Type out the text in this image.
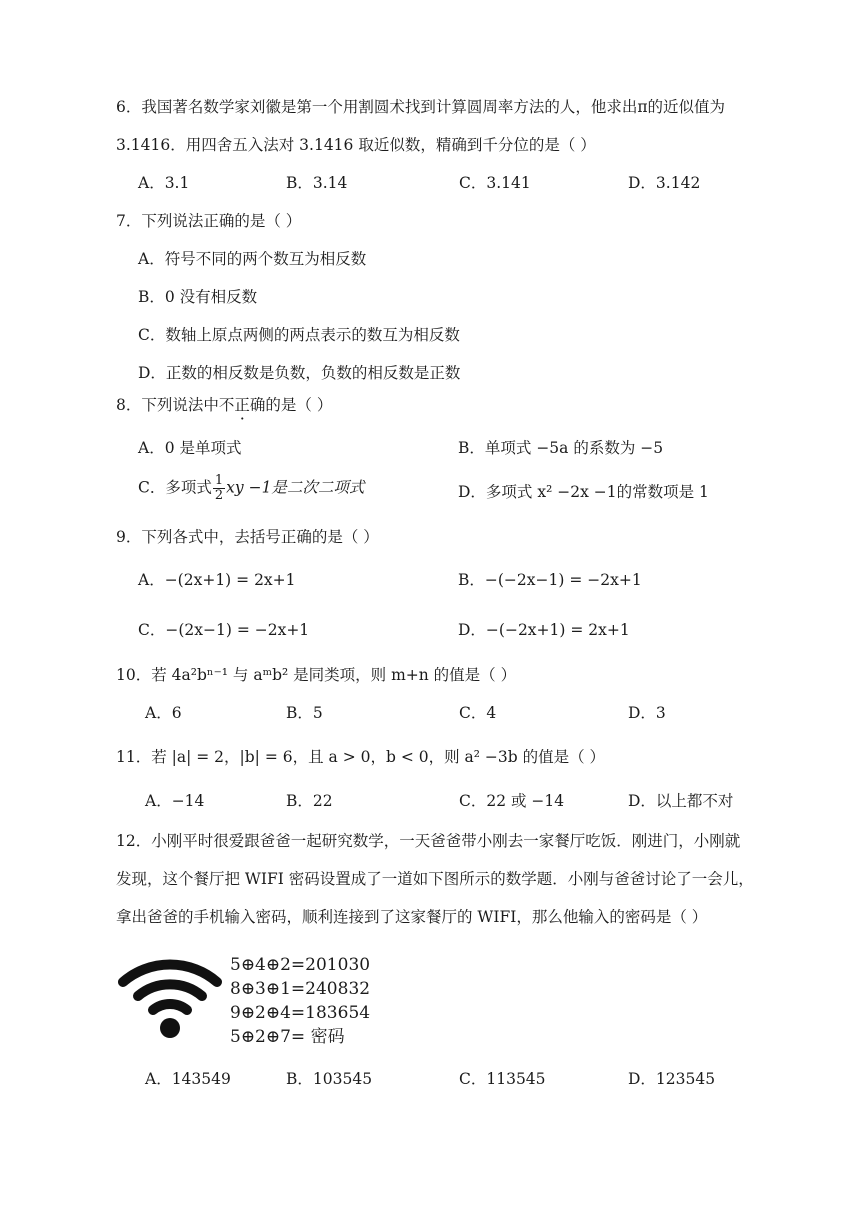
6．我国著名数学家刘徽是第一个用割圆术找到计算圆周率方法的人，他求出π的近似值为
3.1416．用四舍五入法对 3.1416 取近似数，精确到千分位的是（ ）
A．3.1	B．3.14	C．3.141	D．3.142
7．下列说法正确的是（ ）
A．符号不同的两个数互为相反数
B．0 没有相反数
C．数轴上原点两侧的两点表示的数互为相反数
D．正数的相反数是负数，负数的相反数是正数
8．下列说法中不正确的是（ ）
A．0 是单项式	B．单项式 −5a 的系数为 −5
C．多项式 $\frac{1}{2}$ xy −1是二次二项式	D．多项式 x² −2x −1的常数项是 1
9．下列各式中，去括号正确的是（ ）
A．−(2x+1) = 2x+1	B．−(−2x−1) = −2x+1
C．−(2x−1) = −2x+1	D．−(−2x+1) = 2x+1
10．若 4a²bⁿ⁻¹ 与 aᵐb² 是同类项，则 m+n 的值是（ ）
A．6	B．5	C．4	D．3
11．若 |a| = 2，|b| = 6，且 a > 0，b < 0，则 a² −3b 的值是（ ）
A．−14	B．22	C．22 或 −14	D．以上都不对
12．小刚平时很爱跟爸爸一起研究数学，一天爸爸带小刚去一家餐厅吃饭．刚进门，小刚就
发现，这个餐厅把 WIFI 密码设置成了一道如下图所示的数学题．小刚与爸爸讨论了一会儿，
拿出爸爸的手机输入密码，顺利连接到了这家餐厅的 WIFI，那么他输入的密码是（ ）
5⊕4⊕2=201030
8⊕3⊕1=240832
9⊕2⊕4=183654
5⊕2⊕7= 密码
A．143549	B．103545	C．113545	D．123545
